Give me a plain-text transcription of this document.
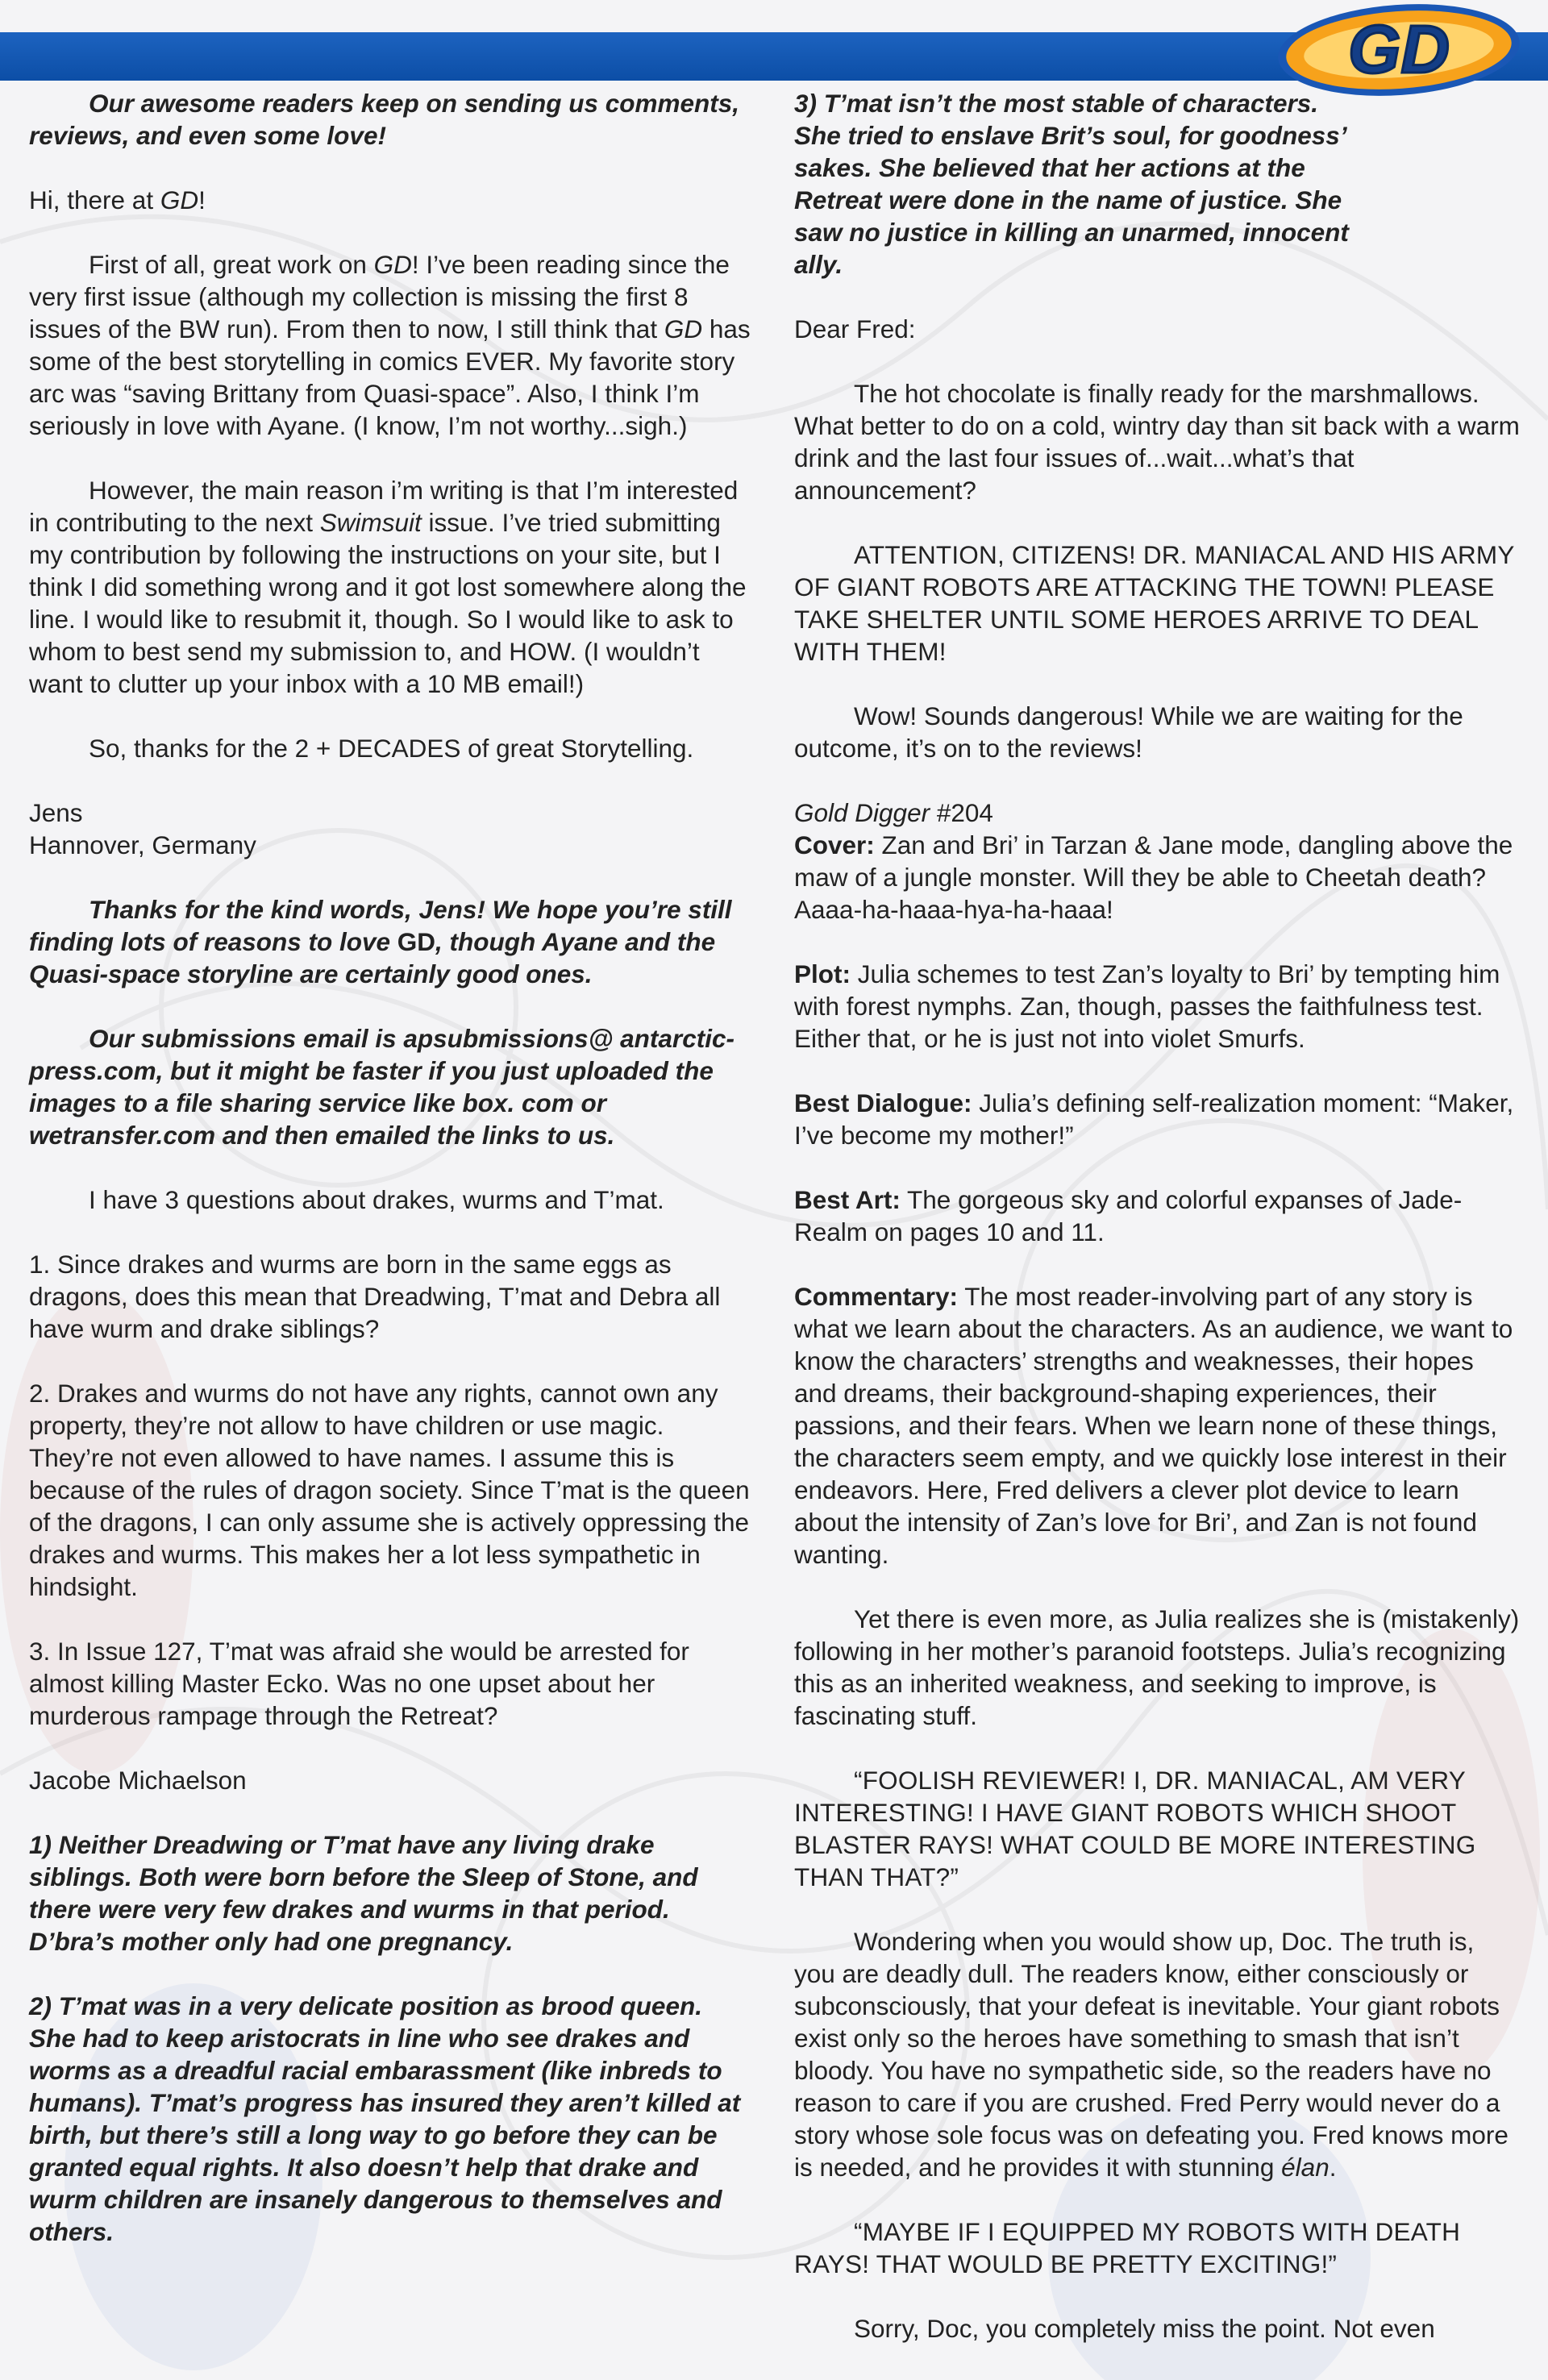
GD

Our awesome readers keep on sending us comments, reviews, and even some love!

Hi, there at GD!

First of all, great work on GD! I’ve been reading since the very first issue (although my collection is missing the first 8 issues of the BW run). From then to now, I still think that GD has some of the best storytelling in comics EVER. My favorite story arc was “saving Brittany from Quasi-space”. Also, I think I’m seriously in love with Ayane. (I know, I’m not worthy...sigh.)

However, the main reason i’m writing is that I’m interested in contributing to the next Swimsuit issue. I’ve tried submitting my contribution by following the instructions on your site, but I think I did something wrong and it got lost somewhere along the line. I would like to resubmit it, though. So I would like to ask to whom to best send my submission to, and HOW. (I wouldn’t want to clutter up your inbox with a 10 MB email!)

So, thanks for the 2 + DECADES of great Storytelling.

Jens

Hannover, Germany

Thanks for the kind words, Jens! We hope you’re still finding lots of reasons to love GD, though Ayane and the Quasi-space storyline are certainly good ones.

Our submissions email is apsubmissions@ antarctic-press.com, but it might be faster if you just uploaded the images to a file sharing service like box. com or wetransfer.com and then emailed the links to us.

I have 3 questions about drakes, wurms and T’mat.

1. Since drakes and wurms are born in the same eggs as dragons, does this mean that Dreadwing, T’mat and Debra all have wurm and drake siblings?

2. Drakes and wurms do not have any rights, cannot own any property, they’re not allow to have children or use magic. They’re not even allowed to have names. I assume this is because of the rules of dragon society. Since T’mat is the queen of the dragons, I can only assume she is actively oppressing the drakes and wurms. This makes her a lot less sympathetic in hindsight.

3. In Issue 127, T’mat was afraid she would be arrested for almost killing Master Ecko. Was no one upset about her murderous rampage through the Retreat?

Jacobe Michaelson

1) Neither Dreadwing or T’mat have any living drake siblings. Both were born before the Sleep of Stone, and there were very few drakes and wurms in that period. D’bra’s mother only had one pregnancy.

2) T’mat was in a very delicate position as brood queen. She had to keep aristocrats in line who see drakes and worms as a dreadful racial embarassment (like inbreds to humans). T’mat’s progress has insured they aren’t killed at birth, but there’s still a long way to go before they can be granted equal rights. It also doesn’t help that drake and wurm children are insanely dangerous to themselves and others.

3) T’mat isn’t the most stable of characters. She tried to enslave Brit’s soul, for goodness’ sakes. She believed that her actions at the Retreat were done in the name of justice. She saw no justice in killing an unarmed, innocent ally.

Dear Fred:

The hot chocolate is finally ready for the marshmallows. What better to do on a cold, wintry day than sit back with a warm drink and the last four issues of...wait...what’s that announcement?

ATTENTION, CITIZENS! DR. MANIACAL AND HIS ARMY OF GIANT ROBOTS ARE ATTACKING THE TOWN! PLEASE TAKE SHELTER UNTIL SOME HEROES ARRIVE TO DEAL WITH THEM!

Wow! Sounds dangerous! While we are waiting for the outcome, it’s on to the reviews!

Gold Digger #204

Cover: Zan and Bri’ in Tarzan & Jane mode, dangling above the maw of a jungle monster. Will they be able to Cheetah death? Aaaa-ha-haaa-hya-ha-haaa!

Plot: Julia schemes to test Zan’s loyalty to Bri’ by tempting him with forest nymphs. Zan, though, passes the faithfulness test. Either that, or he is just not into violet Smurfs.

Best Dialogue: Julia’s defining self-realization moment: “Maker, I’ve become my mother!”

Best Art: The gorgeous sky and colorful expanses of Jade-Realm on pages 10 and 11.

Commentary: The most reader-involving part of any story is what we learn about the characters. As an audience, we want to know the characters’ strengths and weaknesses, their hopes and dreams, their background-shaping experiences, their passions, and their fears. When we learn none of these things, the characters seem empty, and we quickly lose interest in their endeavors. Here, Fred delivers a clever plot device to learn about the intensity of Zan’s love for Bri’, and Zan is not found wanting.

Yet there is even more, as Julia realizes she is (mistakenly) following in her mother’s paranoid footsteps. Julia’s recognizing this as an inherited weakness, and seeking to improve, is fascinating stuff.

“FOOLISH REVIEWER! I, DR. MANIACAL, AM VERY INTERESTING! I HAVE GIANT ROBOTS WHICH SHOOT BLASTER RAYS! WHAT COULD BE MORE INTERESTING THAN THAT?”

Wondering when you would show up, Doc. The truth is, you are deadly dull. The readers know, either consciously or subconsciously, that your defeat is inevitable. Your giant robots exist only so the heroes have something to smash that isn’t bloody. You have no sympathetic side, so the readers have no reason to care if you are crushed. Fred Perry would never do a story whose sole focus was on defeating you. Fred knows more is needed, and he provides it with stunning élan.

“MAYBE IF I EQUIPPED MY ROBOTS WITH DEATH RAYS! THAT WOULD BE PRETTY EXCITING!”

Sorry, Doc, you completely miss the point. Not even
